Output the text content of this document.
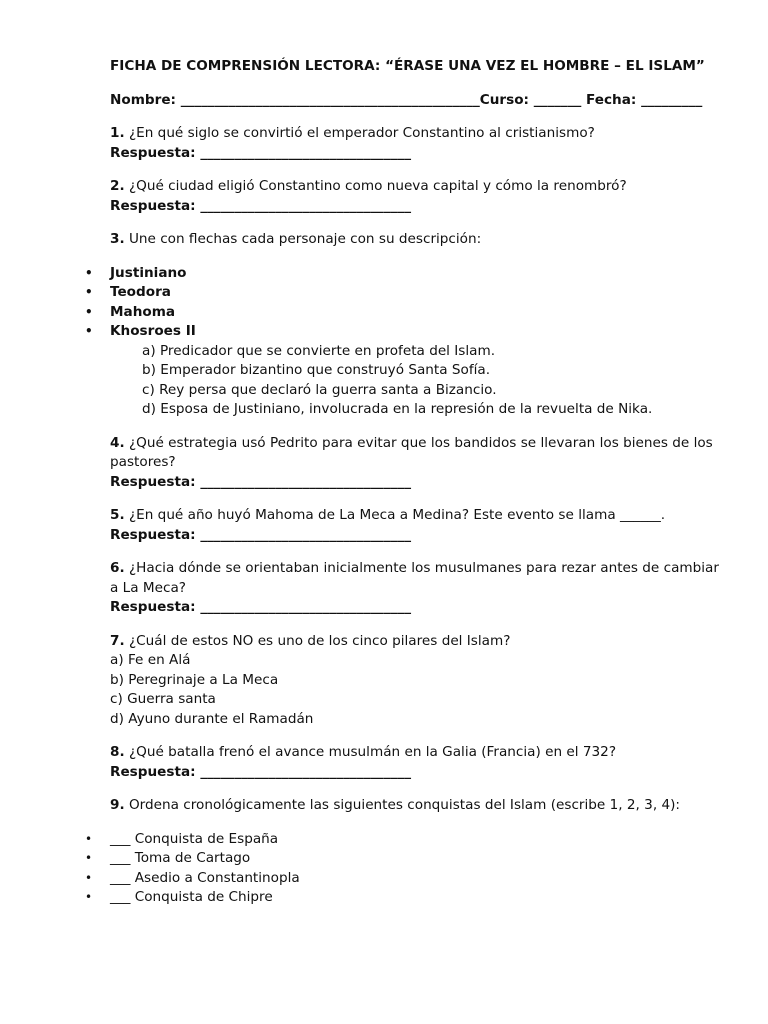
FICHA DE COMPRENSIÓN LECTORA: “ÉRASE UNA VEZ EL HOMBRE – EL ISLAM”
Nombre: ____________________________________________Curso: _______ Fecha: _________
1. ¿En qué siglo se convirtió el emperador Constantino al cristianismo?
Respuesta: _______________________________
2. ¿Qué ciudad eligió Constantino como nueva capital y cómo la renombró?
Respuesta: _______________________________
3. Une con flechas cada personaje con su descripción:
• Justiniano
• Teodora
• Mahoma
• Khosroes II
a) Predicador que se convierte en profeta del Islam.
b) Emperador bizantino que construyó Santa Sofía.
c) Rey persa que declaró la guerra santa a Bizancio.
d) Esposa de Justiniano, involucrada en la represión de la revuelta de Nika.
4. ¿Qué estrategia usó Pedrito para evitar que los bandidos se llevaran los bienes de los pastores?
Respuesta: _______________________________
5. ¿En qué año huyó Mahoma de La Meca a Medina? Este evento se llama ______.
Respuesta: _______________________________
6. ¿Hacia dónde se orientaban inicialmente los musulmanes para rezar antes de cambiar a La Meca?
Respuesta: _______________________________
7. ¿Cuál de estos NO es uno de los cinco pilares del Islam?
a) Fe en Alá
b) Peregrinaje a La Meca
c) Guerra santa
d) Ayuno durante el Ramadán
8. ¿Qué batalla frenó el avance musulmán en la Galia (Francia) en el 732?
Respuesta: _______________________________
9. Ordena cronológicamente las siguientes conquistas del Islam (escribe 1, 2, 3, 4):
• ___ Conquista de España
• ___ Toma de Cartago
• ___ Asedio a Constantinopla
• ___ Conquista de Chipre
